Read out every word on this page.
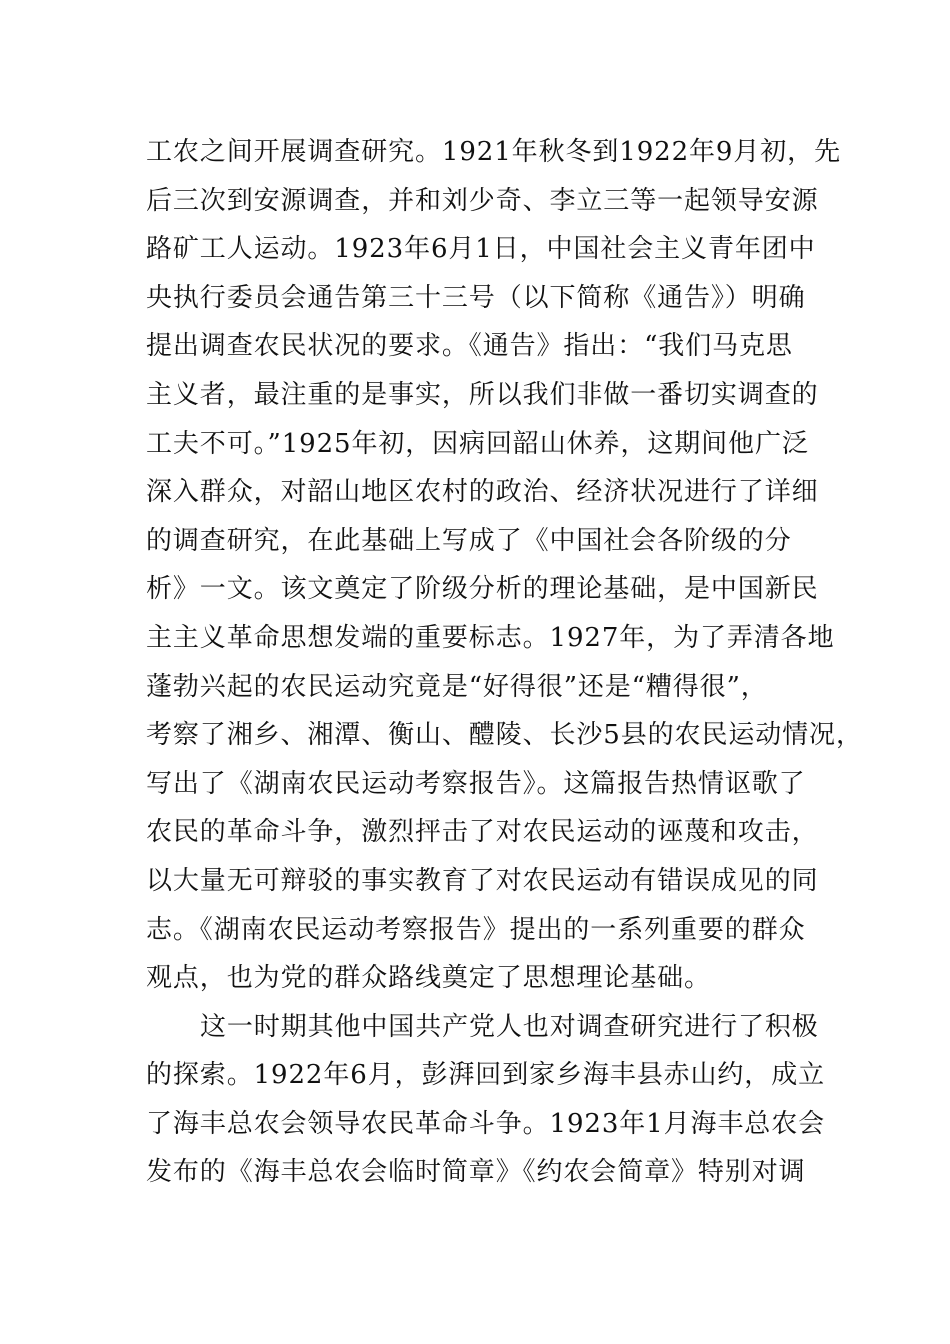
工农之间开展调查研究。1921年秋冬到1922年9月初，先
后三次到安源调查，并和刘少奇、李立三等一起领导安源
路矿工人运动。1923年6月1日，中国社会主义青年团中
央执行委员会通告第三十三号（以下简称《通告》）明确
提出调查农民状况的要求。《通告》指出：“我们马克思
主义者，最注重的是事实，所以我们非做一番切实调查的
工夫不可。”1925年初，因病回韶山休养，这期间他广泛
深入群众，对韶山地区农村的政治、经济状况进行了详细
的调查研究，在此基础上写成了《中国社会各阶级的分
析》一文。该文奠定了阶级分析的理论基础，是中国新民
主主义革命思想发端的重要标志。1927年，为了弄清各地
蓬勃兴起的农民运动究竟是“好得很”还是“糟得很”，
考察了湘乡、湘潭、衡山、醴陵、长沙5县的农民运动情况，
写出了《湖南农民运动考察报告》。这篇报告热情讴歌了
农民的革命斗争，激烈抨击了对农民运动的诬蔑和攻击，
以大量无可辩驳的事实教育了对农民运动有错误成见的同
志。《湖南农民运动考察报告》提出的一系列重要的群众
观点，也为党的群众路线奠定了思想理论基础。
这一时期其他中国共产党人也对调查研究进行了积极
的探索。1922年6月，彭湃回到家乡海丰县赤山约，成立
了海丰总农会领导农民革命斗争。1923年1月海丰总农会
发布的《海丰总农会临时简章》《约农会简章》特别对调
